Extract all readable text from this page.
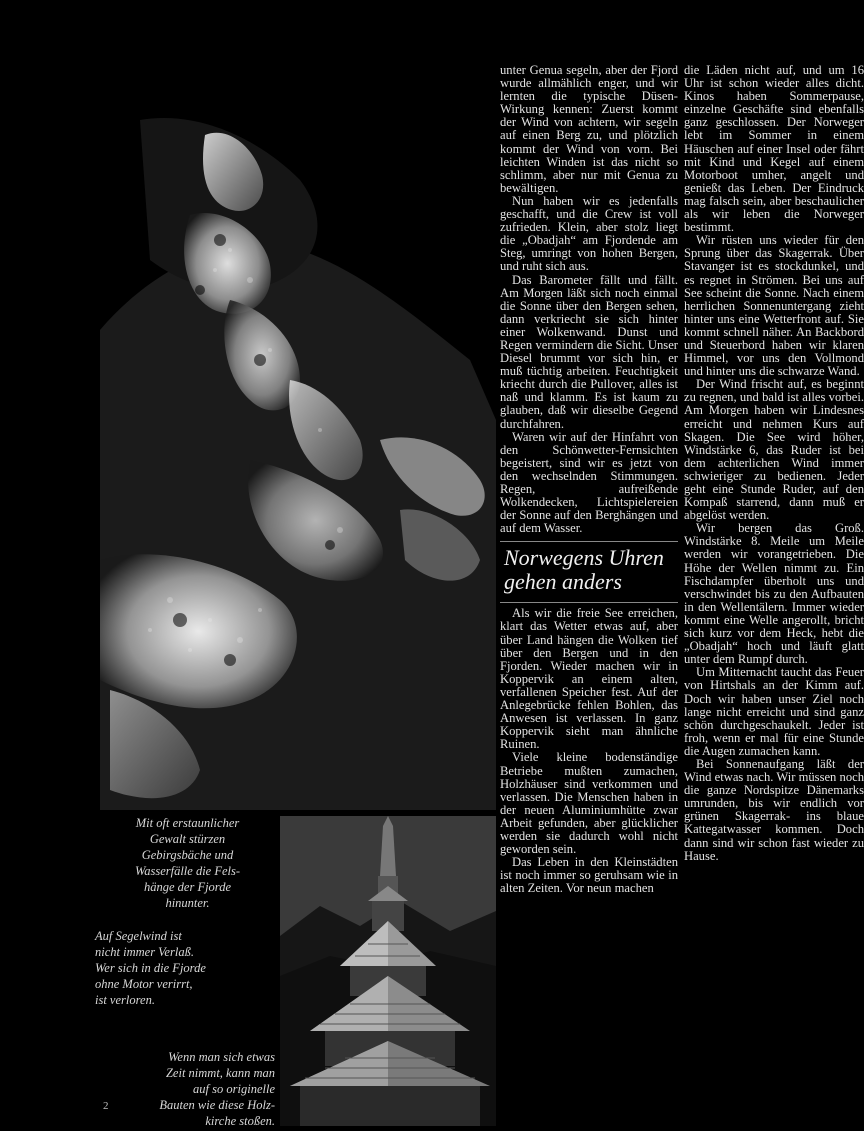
Mit oft erstaunlicher
Gewalt stürzen
Gebirgsbäche und
Wasserfälle die Fels-
hänge der Fjorde
hinunter.
Auf Segelwind ist
nicht immer Verlaß.
Wer sich in die Fjorde
ohne Motor verirrt,
ist verloren.
Wenn man sich etwas
Zeit nimmt, kann man
auf so originelle
Bauten wie diese Holz-
kirche stoßen.
2

unter Genua segeln, aber der Fjord wurde allmählich enger, und wir lernten die typische Düsen-Wirkung kennen: Zuerst kommt der Wind von achtern, wir segeln auf einen Berg zu, und plötzlich kommt der Wind von vorn. Bei leichten Winden ist das nicht so schlimm, aber nur mit Genua zu bewältigen.

Nun haben wir es jedenfalls geschafft, und die Crew ist voll zufrieden. Klein, aber stolz liegt die „Obadjah“ am Fjordende am Steg, umringt von hohen Bergen, und ruht sich aus.

Das Barometer fällt und fällt. Am Morgen läßt sich noch einmal die Sonne über den Bergen sehen, dann verkriecht sie sich hinter einer Wolkenwand. Dunst und Regen vermindern die Sicht. Unser Diesel brummt vor sich hin, er muß tüchtig arbeiten. Feuchtigkeit kriecht durch die Pullover, alles ist naß und klamm. Es ist kaum zu glauben, daß wir dieselbe Gegend durchfahren.

Waren wir auf der Hinfahrt von den Schönwetter-Fernsichten begeistert, sind wir es jetzt von den wechselnden Stimmungen. Regen, aufreißende Wolkendecken, Lichtspielereien der Sonne auf den Berghängen und auf dem Wasser.

Norwegens Uhren
gehen anders

Als wir die freie See erreichen, klart das Wetter etwas auf, aber über Land hängen die Wolken tief über den Bergen und in den Fjorden. Wieder machen wir in Koppervik an einem alten, verfallenen Speicher fest. Auf der Anlegebrücke fehlen Bohlen, das Anwesen ist verlassen. In ganz Koppervik sieht man ähnliche Ruinen.

Viele kleine bodenständige Betriebe mußten zumachen, Holzhäuser sind verkommen und verlassen. Die Menschen haben in der neuen Aluminiumhütte zwar Arbeit gefunden, aber glücklicher werden sie dadurch wohl nicht geworden sein.

Das Leben in den Kleinstädten ist noch immer so geruhsam wie in alten Zeiten. Vor neun machen

die Läden nicht auf, und um 16 Uhr ist schon wieder alles dicht. Kinos haben Sommerpause, einzelne Geschäfte sind ebenfalls ganz geschlossen. Der Norweger lebt im Sommer in einem Häuschen auf einer Insel oder fährt mit Kind und Kegel auf einem Motorboot umher, angelt und genießt das Leben. Der Eindruck mag falsch sein, aber beschaulicher als wir leben die Norweger bestimmt.

Wir rüsten uns wieder für den Sprung über das Skagerrak. Über Stavanger ist es stockdunkel, und es regnet in Strömen. Bei uns auf See scheint die Sonne. Nach einem herrlichen Sonnenuntergang zieht hinter uns eine Wetterfront auf. Sie kommt schnell näher. An Backbord und Steuerbord haben wir klaren Himmel, vor uns den Vollmond und hinter uns die schwarze Wand.

Der Wind frischt auf, es beginnt zu regnen, und bald ist alles vorbei. Am Morgen haben wir Lindesnes erreicht und nehmen Kurs auf Skagen. Die See wird höher, Windstärke 6, das Ruder ist bei dem achterlichen Wind immer schwieriger zu bedienen. Jeder geht eine Stunde Ruder, auf den Kompaß starrend, dann muß er abgelöst werden.

Wir bergen das Groß. Windstärke 8. Meile um Meile werden wir vorangetrieben. Die Höhe der Wellen nimmt zu. Ein Fischdampfer überholt uns und verschwindet bis zu den Aufbauten in den Wellentälern. Immer wieder kommt eine Welle angerollt, bricht sich kurz vor dem Heck, hebt die „Obadjah“ hoch und läuft glatt unter dem Rumpf durch.

Um Mitternacht taucht das Feuer von Hirtshals an der Kimm auf. Doch wir haben unser Ziel noch lange nicht erreicht und sind ganz schön durchgeschaukelt. Jeder ist froh, wenn er mal für eine Stunde die Augen zumachen kann.

Bei Sonnenaufgang läßt der Wind etwas nach. Wir müssen noch die ganze Nordspitze Dänemarks umrunden, bis wir endlich vor grünen Skagerrak- ins blaue Kattegatwasser kommen. Doch dann sind wir schon fast wieder zu Hause.
